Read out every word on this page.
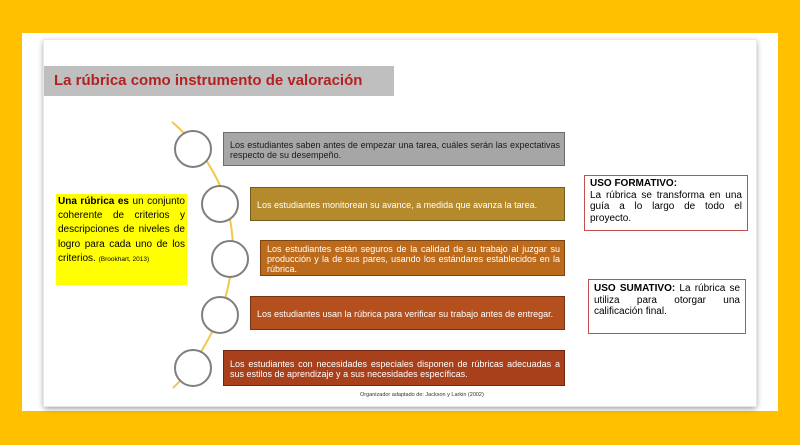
La rúbrica como instrumento de valoración
Una rúbrica es un conjunto coherente de criterios y descripciones de niveles de logro para cada uno de los criterios. (Brookhart, 2013)
Los estudiantes saben antes de empezar una tarea, cuáles serán las expectativas respecto de su desempeño.
Los estudiantes monitorean su avance, a medida que avanza la tarea.
Los estudiantes están seguros de la calidad de su trabajo al juzgar su producción y la de sus pares, usando los estándares establecidos en la rúbrica.
Los estudiantes usan la rúbrica para verificar su trabajo antes de entregar.
Los estudiantes con necesidades especiales disponen de rúbricas adecuadas a sus estilos de aprendizaje y a sus necesidades específicas.
USO FORMATIVO:
La rúbrica se transforma en una guía a lo largo de todo el proyecto.
USO SUMATIVO: La rúbrica se utiliza para otorgar una calificación final.
Organizador adaptado de: Jackson y Larkin (2002)
